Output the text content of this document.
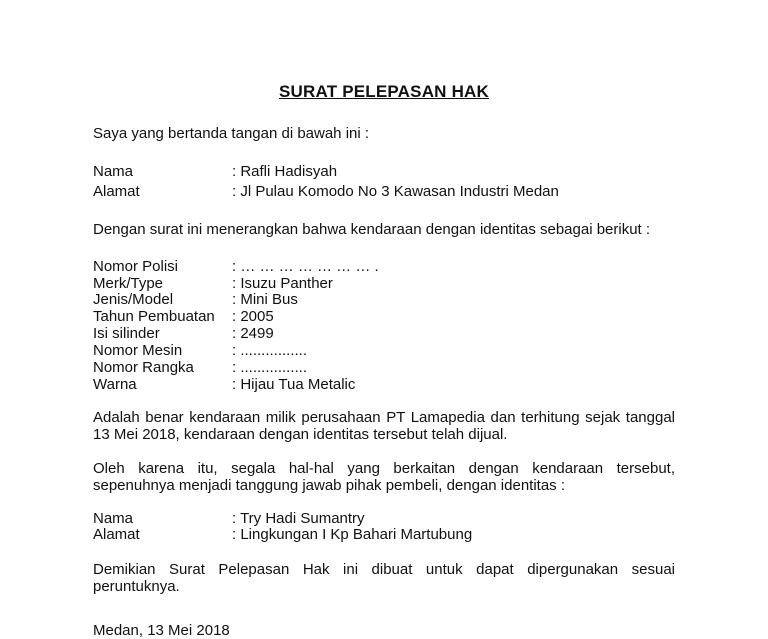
SURAT PELEPASAN HAK
Saya yang bertanda tangan di bawah ini :
Nama	: Rafli Hadisyah
Alamat	: Jl Pulau Komodo No 3 Kawasan Industri Medan
Dengan surat ini menerangkan bahwa kendaraan dengan identitas sebagai berikut :
Nomor Polisi	: … … … … … … … .
Merk/Type	: Isuzu Panther
Jenis/Model	: Mini Bus
Tahun Pembuatan : 2005
Isi silinder	: 2499
Nomor Mesin	: ................
Nomor Rangka	: ................
Warna	: Hijau Tua Metalic
Adalah benar kendaraan milik perusahaan PT Lamapedia dan terhitung sejak tanggal
13 Mei 2018, kendaraan dengan identitas tersebut telah dijual.
Oleh karena itu, segala hal-hal yang berkaitan dengan kendaraan tersebut,
sepenuhnya menjadi tanggung jawab pihak pembeli, dengan identitas :
Nama	: Try Hadi Sumantry
Alamat	: Lingkungan I Kp Bahari Martubung
Demikian Surat Pelepasan Hak ini dibuat untuk dapat dipergunakan sesuai
peruntuknya.
Medan, 13 Mei 2018
